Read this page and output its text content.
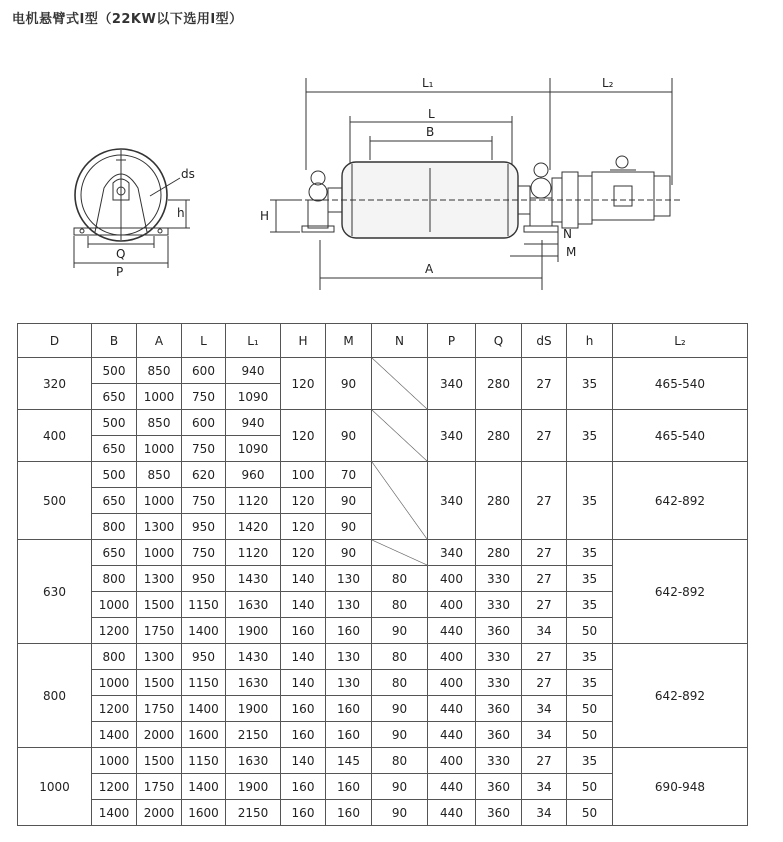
电机悬臂式Ⅰ型（22KW以下选用Ⅰ型）
ds
h
Q
P
L₁	L₂
L
B
H
A
N
M
D	B	A	L	L₁	H	M	N	P	Q	dS	h	L₂
320	500	850	600	940	120	90		340	280	27	35	465-540
	650	1000	750	1090								
400	500	850	600	940	120	90		340	280	27	35	465-540
	650	1000	750	1090								
500	500	850	620	960	100	70		340	280	27	35	642-892
	650	1000	750	1120	120	90						
	800	1300	950	1420	120	90						
630	650	1000	750	1120	120	90		340	280	27	35	642-892
	800	1300	950	1430	140	130	80	400	330	27	35	
	1000	1500	1150	1630	140	130	80	400	330	27	35	
	1200	1750	1400	1900	160	160	90	440	360	34	50	
800	800	1300	950	1430	140	130	80	400	330	27	35	642-892
	1000	1500	1150	1630	140	130	80	400	330	27	35	
	1200	1750	1400	1900	160	160	90	440	360	34	50	
	1400	2000	1600	2150	160	160	90	440	360	34	50	
1000	1000	1500	1150	1630	140	145	80	400	330	27	35	690-948
	1200	1750	1400	1900	160	160	90	440	360	34	50	
	1400	2000	1600	2150	160	160	90	440	360	34	50	
